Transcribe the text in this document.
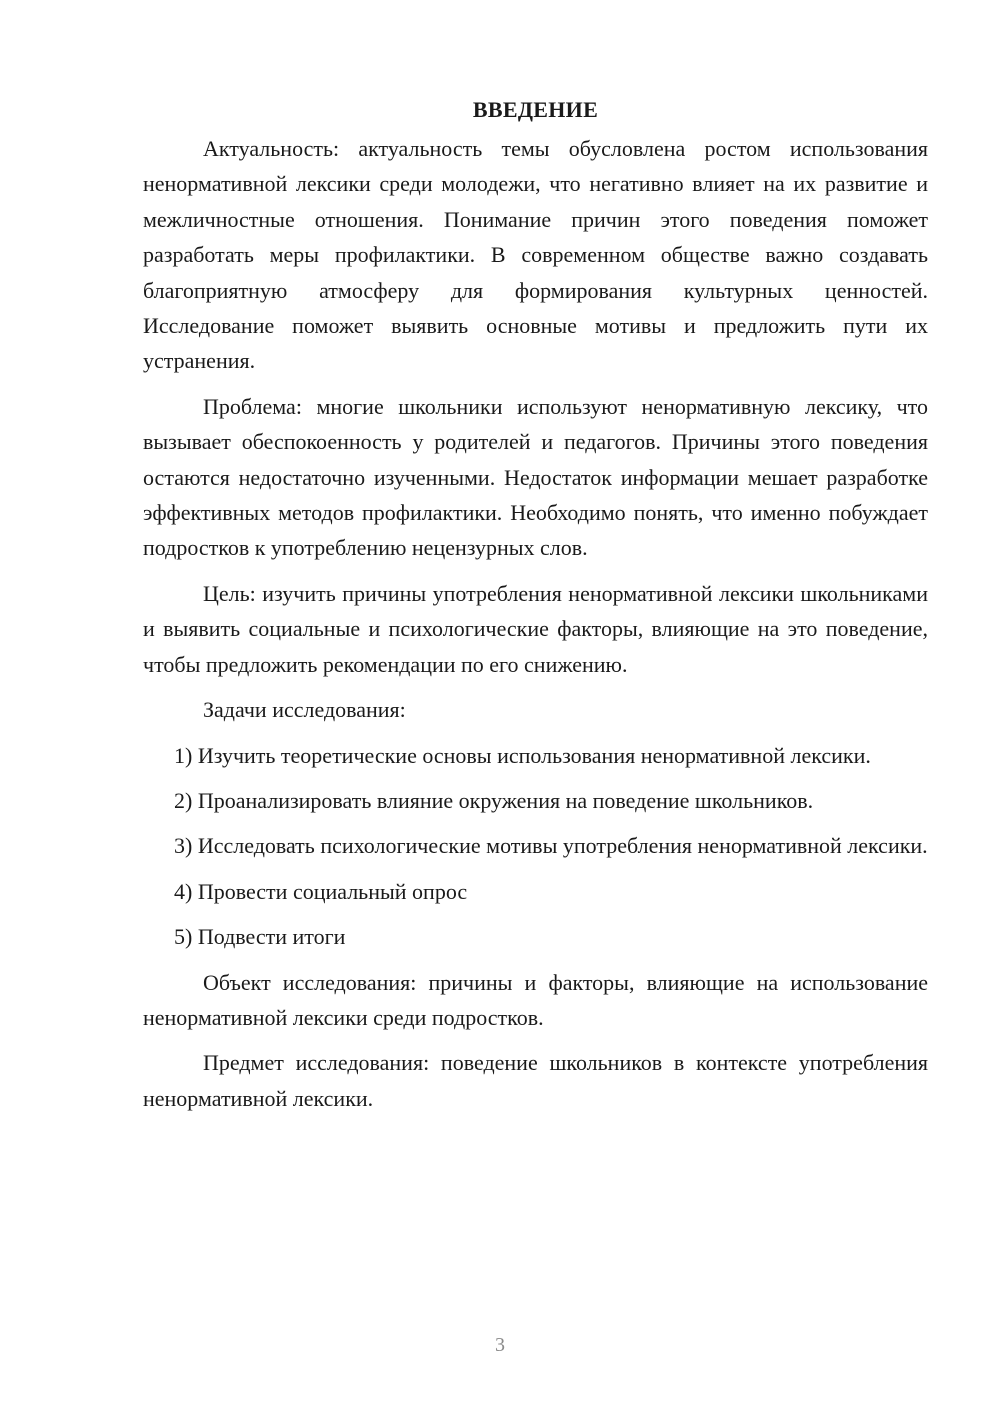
ВВЕДЕНИЕ

Актуальность: актуальность темы обусловлена ростом использования ненормативной лексики среди молодежи, что негативно влияет на их развитие и межличностные отношения. Понимание причин этого поведения поможет разработать меры профилактики. В современном обществе важно создавать благоприятную атмосферу для формирования культурных ценностей. Исследование поможет выявить основные мотивы и предложить пути их устранения.

Проблема: многие школьники используют ненормативную лексику, что вызывает обеспокоенность у родителей и педагогов. Причины этого поведения остаются недостаточно изученными. Недостаток информации мешает разработке эффективных методов профилактики. Необходимо понять, что именно побуждает подростков к употреблению нецензурных слов.

Цель: изучить причины употребления ненормативной лексики школьниками и выявить социальные и психологические факторы, влияющие на это поведение, чтобы предложить рекомендации по его снижению.

Задачи исследования:

1) Изучить теоретические основы использования ненормативной лексики.

2) Проанализировать влияние окружения на поведение школьников.

3) Исследовать психологические мотивы употребления ненормативной лексики.

4) Провести социальный опрос

5) Подвести итоги

Объект исследования: причины и факторы, влияющие на использование ненормативной лексики среди подростков.

Предмет исследования: поведение школьников в контексте употребления ненормативной лексики.

3
